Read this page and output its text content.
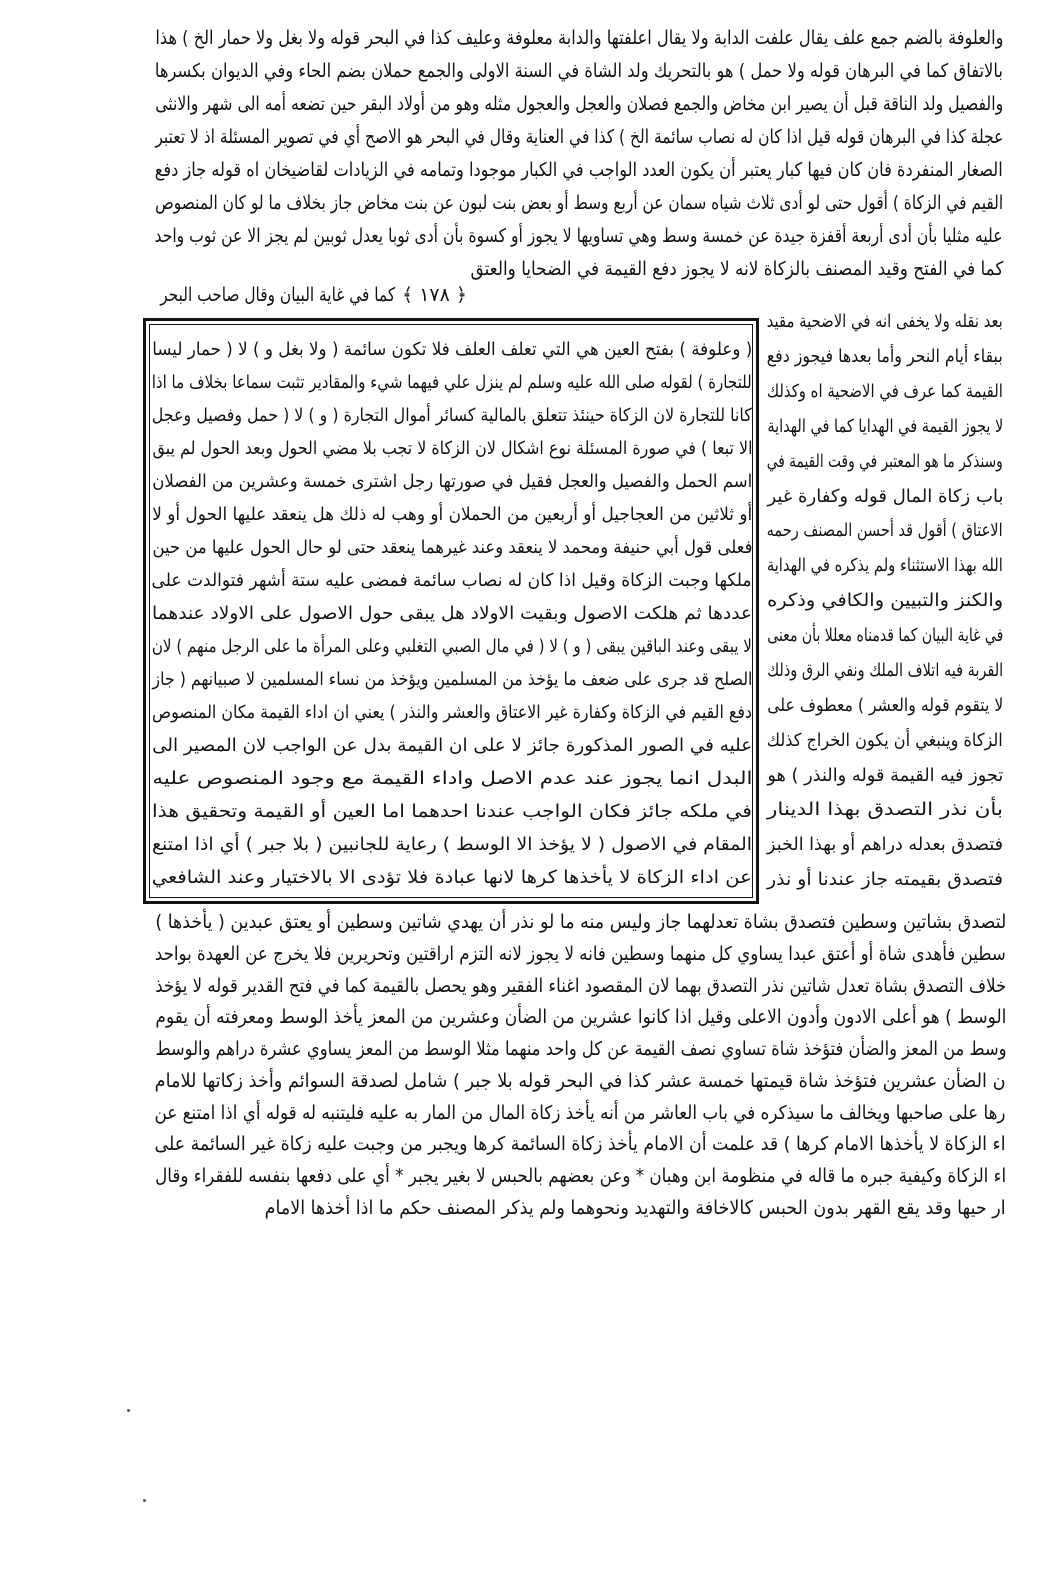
والعلوفة بالضم جمع علف يقال علفت الدابة ولا يقال اعلفتها والدابة معلوفة وعليف كذا في البحر قوله ولا بغل ولا حمار الخ ) هذا
بالاتفاق كما في البرهان قوله ولا حمل ) هو بالتحريك ولد الشاة في السنة الاولى والجمع حملان بضم الحاء وفي الديوان بكسرها
والفصيل ولد الناقة قبل أن يصير ابن مخاض والجمع فصلان والعجل والعجول مثله وهو من أولاد البقر حين تضعه أمه الى شهر والانثى
عجلة كذا في البرهان قوله قيل اذا كان له نصاب سائمة الخ ) كذا في العناية وقال في البحر هو الاصح أي في تصوير المسئلة اذ لا تعتبر
الصغار المنفردة فان كان فيها كبار يعتبر أن يكون العدد الواجب في الكبار موجودا وتمامه في الزيادات لقاضيخان اه قوله جاز دفع
القيم في الزكاة ) أقول حتى لو أدى ثلاث شياه سمان عن أربع وسط أو بعض بنت لبون عن بنت مخاض جاز بخلاف ما لو كان المنصوص
عليه مثليا بأن أدى أربعة أقفزة جيدة عن خمسة وسط وهي تساويها لا يجوز أو كسوة بأن أدى ثوبا يعدل ثوبين لم يجز الا عن ثوب واحد
كما في الفتح وقيد المصنف بالزكاة لانه لا يجوز دفع القيمة في الضحايا والعتق
﴿ ١٧٨ ﴾
كما في غاية البيان وقال صاحب البحر
( وعلوفة ) بفتح العين هي التي تعلف العلف فلا تكون سائمة ( ولا بغل و ) لا ( حمار ليسا
للتجارة ) لقوله صلى الله عليه وسلم لم ينزل علي فيهما شيء والمقادير تثبت سماعا بخلاف ما اذا
كانا للتجارة لان الزكاة حينئذ تتعلق بالمالية كسائر أموال التجارة ( و ) لا ( حمل وفصيل وعجل
الا تبعا ) في صورة المسئلة نوع اشكال لان الزكاة لا تجب بلا مضي الحول وبعد الحول لم يبق
اسم الحمل والفصيل والعجل فقيل في صورتها رجل اشترى خمسة وعشرين من الفصلان
أو ثلاثين من العجاجيل أو أربعين من الحملان أو وهب له ذلك هل ينعقد عليها الحول أو لا
فعلى قول أبي حنيفة ومحمد لا ينعقد وعند غيرهما ينعقد حتى لو حال الحول عليها من حين
ملكها وجبت الزكاة وقيل اذا كان له نصاب سائمة فمضى عليه ستة أشهر فتوالدت على
عددها ثم هلكت الاصول وبقيت الاولاد هل يبقى حول الاصول على الاولاد عندهما
لا يبقى وعند الباقين يبقى ( و ) لا ( في مال الصبي التغلبي وعلى المرأة ما على الرجل منهم ) لان
الصلح قد جرى على ضعف ما يؤخذ من المسلمين ويؤخذ من نساء المسلمين لا صبيانهم ( جاز
دفع القيم في الزكاة وكفارة غير الاعتاق والعشر والنذر ) يعني ان اداء القيمة مكان المنصوص
عليه في الصور المذكورة جائز لا على ان القيمة بدل عن الواجب لان المصير الى
البدل انما يجوز عند عدم الاصل واداء القيمة مع وجود المنصوص عليه
في ملكه جائز فكان الواجب عندنا احدهما اما العين أو القيمة وتحقيق هذا
المقام في الاصول ( لا يؤخذ الا الوسط ) رعاية للجانبين ( بلا جبر ) أي اذا امتنع
عن اداء الزكاة لا يأخذها كرها لانها عبادة فلا تؤدى الا بالاختيار وعند الشافعي
بعد نقله ولا يخفى انه في الاضحية مقيد
ببقاء أيام النحر وأما بعدها فيجوز دفع
القيمة كما عرف في الاضحية اه وكذلك
لا يجوز القيمة في الهدايا كما في الهداية
وسنذكر ما هو المعتبر في وقت القيمة في
باب زكاة المال قوله وكفارة غير
الاعتاق ) أقول قد أحسن المصنف رحمه
الله بهذا الاستثناء ولم يذكره في الهداية
والكنز والتبيين والكافي وذكره
في غاية البيان كما قدمناه معللا بأن معنى
القربة فيه اتلاف الملك ونفي الرق وذلك
لا يتقوم قوله والعشر ) معطوف على
الزكاة وينبغي أن يكون الخراج كذلك
تجوز فيه القيمة قوله والنذر ) هو
بأن نذر التصدق بهذا الدينار
فتصدق بعدله دراهم أو بهذا الخبز
فتصدق بقيمته جاز عندنا أو نذر
لتصدق بشاتين وسطين فتصدق بشاة تعدلهما جاز وليس منه ما لو نذر أن يهدي شاتين وسطين أو يعتق عبدين ( يأخذها )
سطين فأهدى شاة أو أعتق عبدا يساوي كل منهما وسطين فانه لا يجوز لانه التزم اراقتين وتحريرين فلا يخرج عن العهدة بواحد
خلاف التصدق بشاة تعدل شاتين نذر التصدق بهما لان المقصود اغناء الفقير وهو يحصل بالقيمة كما في فتح القدير قوله لا يؤخذ
الوسط ) هو أعلى الادون وأدون الاعلى وقيل اذا كانوا عشرين من الضأن وعشرين من المعز يأخذ الوسط ومعرفته أن يقوم
وسط من المعز والضأن فتؤخذ شاة تساوي نصف القيمة عن كل واحد منهما مثلا الوسط من المعز يساوي عشرة دراهم والوسط
ن الضأن عشرين فتؤخذ شاة قيمتها خمسة عشر كذا في البحر قوله بلا جبر ) شامل لصدقة السوائم وأخذ زكاتها للامام
رها على صاحبها ويخالف ما سيذكره في باب العاشر من أنه يأخذ زكاة المال من المار به عليه فليتنبه له قوله أي اذا امتنع عن
اء الزكاة لا يأخذها الامام كرها ) قد علمت أن الامام يأخذ زكاة السائمة كرها ويجبر من وجبت عليه زكاة غير السائمة على
اء الزكاة وكيفية جبره ما قاله في منظومة ابن وهبان * وعن بعضهم بالحبس لا بغير يجبر * أي على دفعها بنفسه للفقراء وقال
ار حيها وقد يقع القهر بدون الحبس كالاخافة والتهديد ونحوهما ولم يذكر المصنف حكم ما اذا أخذها الامام
